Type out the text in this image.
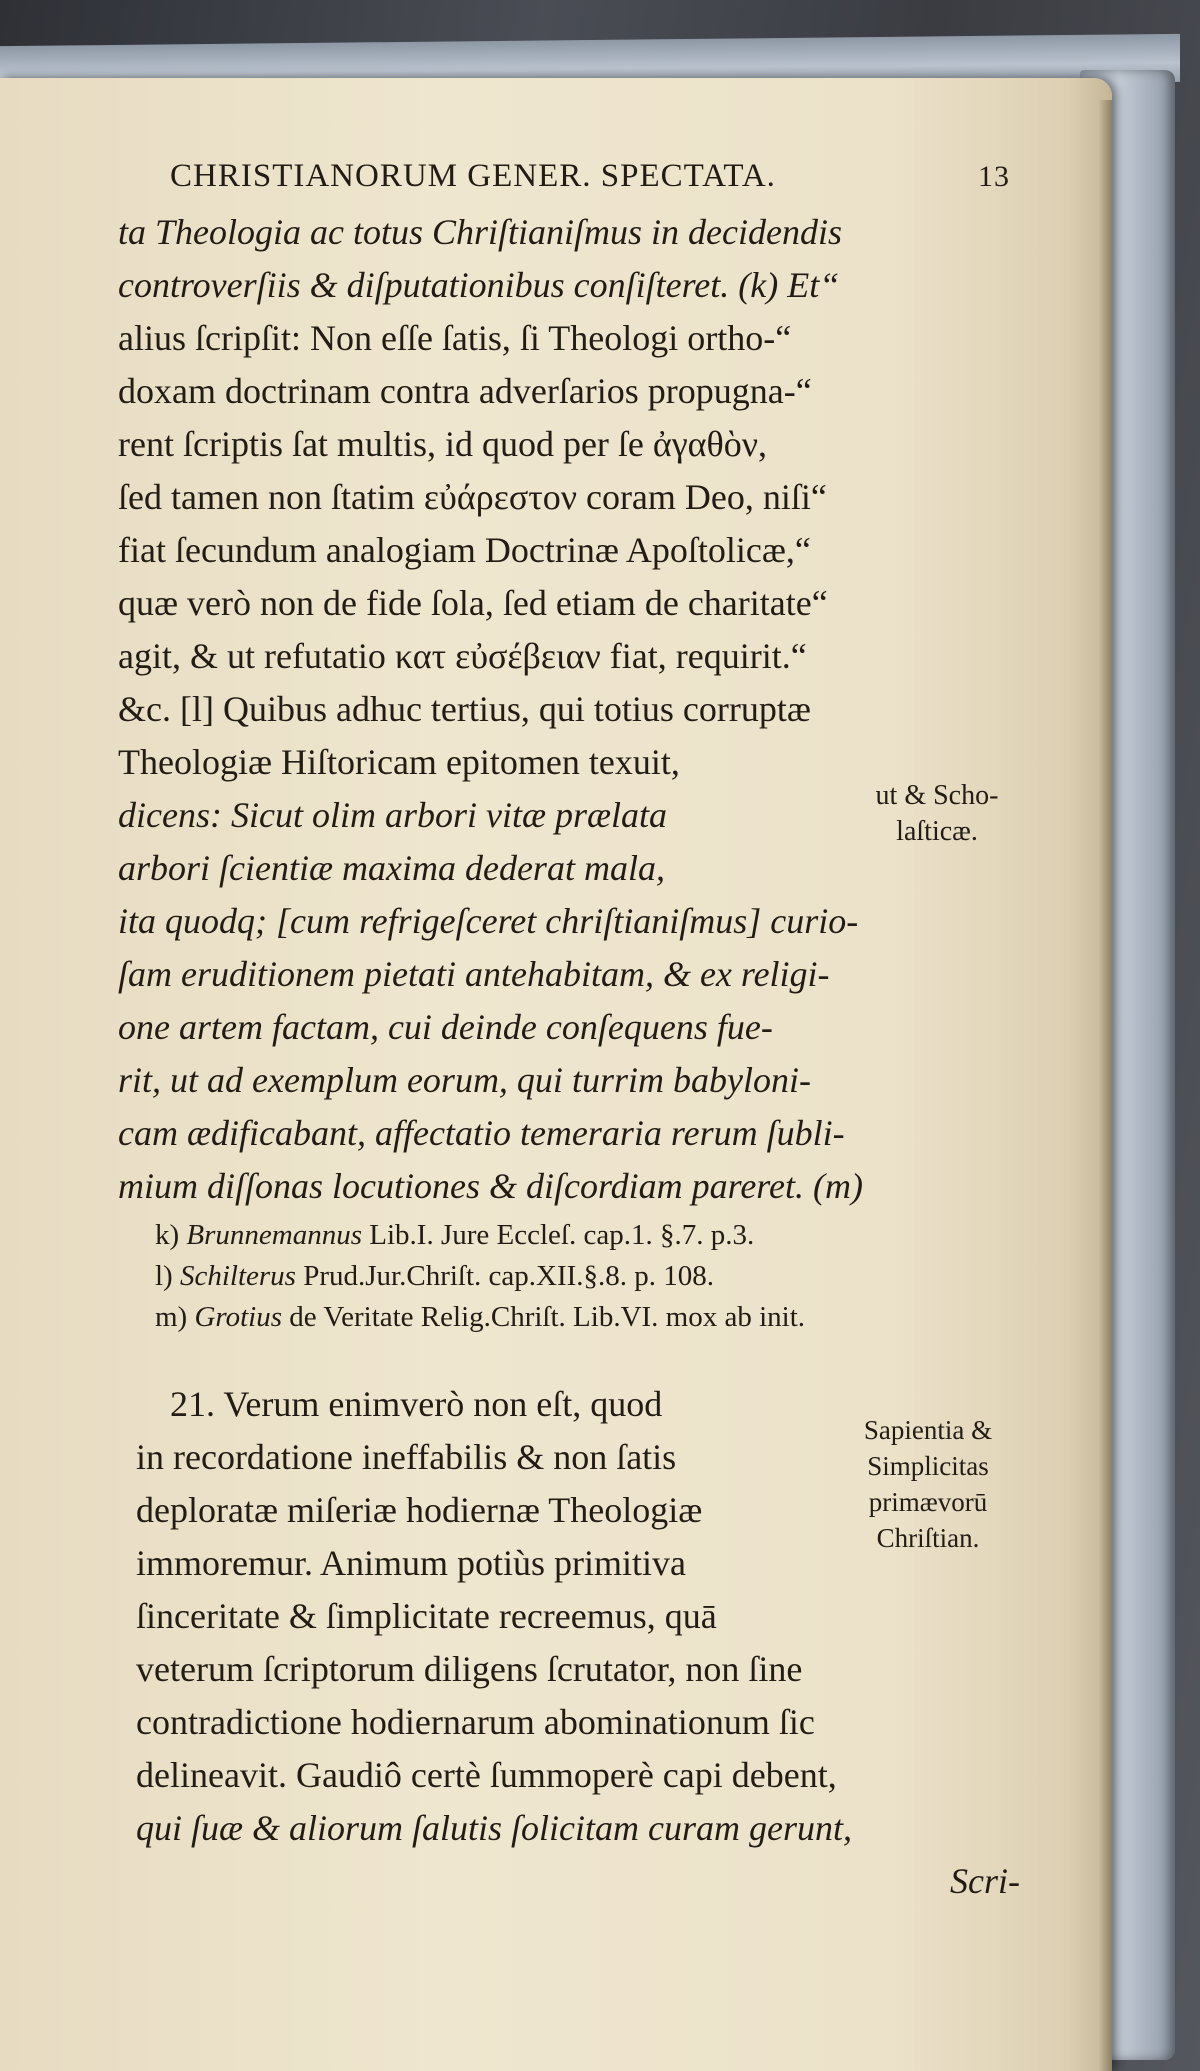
CHRISTIANORUM GENER. SPECTATA.	13
ta Theologia ac totus Chriſtianiſmus in decidendis
controverſiis & diſputationibus conſiſteret. (k) Et“
alius ſcripſit: Non eſſe ſatis, ſi Theologi ortho-“
doxam doctrinam contra adverſarios propugna-“
rent ſcriptis ſat multis, id quod per ſe ἀγαθὸν,
ſed tamen non ſtatim εὐάρεστον coram Deo, niſi“
fiat ſecundum analogiam Doctrinæ Apoſtolicæ,“
quæ verò non de fide ſola, ſed etiam de charitate“
agit, & ut refutatio κατ εὐσέβειαν fiat, requirit.“
&c. [l] Quibus adhuc tertius, qui totius corruptæ
Theologiæ Hiſtoricam epitomen texuit,
dicens: Sicut olim arbori vitæ prælata
arbori ſcientiæ maxima dederat mala,
ita quodq; [cum refrigeſceret chriſtianiſmus] curio-
ſam eruditionem pietati antehabitam, & ex religi-
one artem factam, cui deinde conſequens fue-
rit, ut ad exemplum eorum, qui turrim babyloni-
cam ædificabant, affectatio temeraria rerum ſubli-
mium diſſonas locutiones & diſcordiam pareret. (m)
ut & Scho-
laſticæ.
k) Brunnemannus Lib.I. Jure Eccleſ. cap.1. §.7. p.3.
l) Schilterus Prud.Jur.Chriſt. cap.XII.§.8. p. 108.
m) Grotius de Veritate Relig.Chriſt. Lib.VI. mox ab init.
21. Verum enimverò non eſt, quod
in recordatione ineffabilis & non ſatis
deploratæ miſeriæ hodiernæ Theologiæ
immoremur. Animum potiùs primitiva
ſinceritate & ſimplicitate recreemus, quā
veterum ſcriptorum diligens ſcrutator, non ſine
contradictione hodiernarum abominationum ſic
delineavit. Gaudiô certè ſummoperè capi debent,
qui ſuæ & aliorum ſalutis ſolicitam curam gerunt,
Scri-
Sapientia &
Simplicitas
primævorū
Chriſtian.
